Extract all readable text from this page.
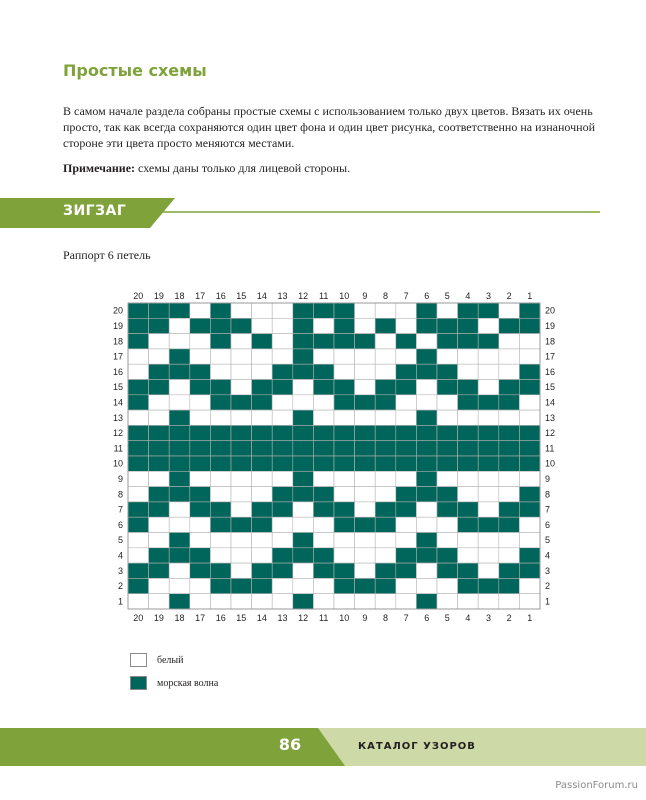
Простые схемы

В самом начале раздела собраны простые схемы с использованием только двух цветов. Вязать их очень просто, так как всегда сохраняются один цвет фона и один цвет рисунка, соответственно на изнаночной стороне эти цвета просто меняются местами.

Примечание: схемы даны только для лицевой стороны.

ЗИГЗАГ

Раппорт 6 петель

20
20
19
19
18
18
17
17
16
16
15
15
14
14
13
13
12
12
11
11
10
10
9
9
8
8
7
7
6
6
5
5
4
4
3
3
2
2
1
1
20	20
19	19
18	18
17	17
16	16
15	15
14	14
13	13
12	12
11	11
10	10
9	9
8	8
7	7
6	6
5	5
4	4
3	3
2	2
1	1
белый
морская волна
86	КАТАЛОГ УЗОРОВ
PassionForum.ru
